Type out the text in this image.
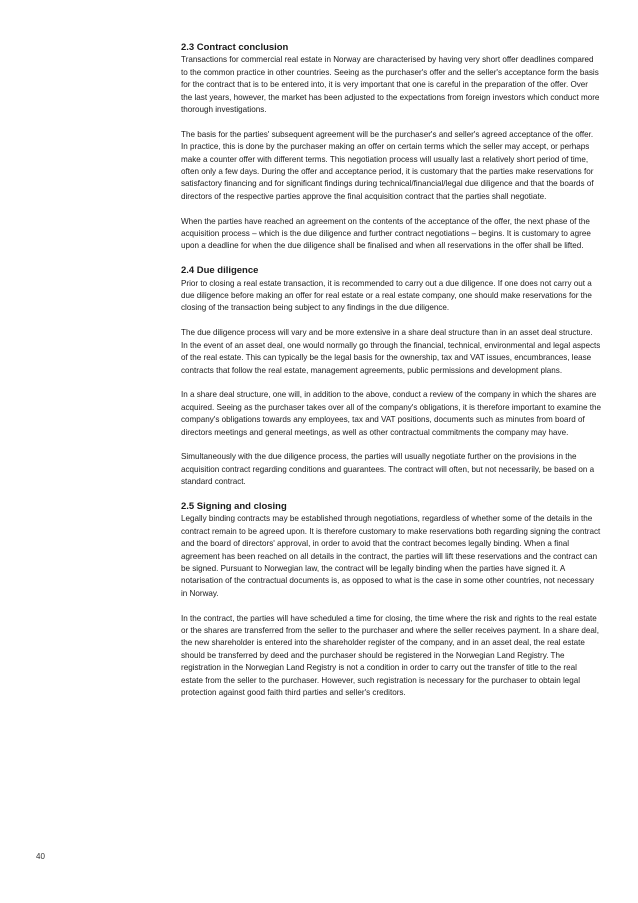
2.3 Contract conclusion

Transactions for commercial real estate in Norway are characterised by having very short offer deadlines compared to the common practice in other countries. Seeing as the purchaser's offer and the seller's acceptance form the basis for the contract that is to be entered into, it is very important that one is careful in the preparation of the offer. Over the last years, however, the market has been adjusted to the expectations from foreign investors which conduct more thorough investigations.

The basis for the parties' subsequent agreement will be the purchaser's and seller's agreed acceptance of the offer. In practice, this is done by the purchaser making an offer on certain terms which the seller may accept, or perhaps make a counter offer with different terms. This negotiation process will usually last a relatively short period of time, often only a few days. During the offer and acceptance period, it is customary that the parties make reservations for satisfactory financing and for significant findings during technical/financial/legal due diligence and that the boards of directors of the respective parties approve the final acquisition contract that the parties shall negotiate.

When the parties have reached an agreement on the contents of the acceptance of the offer, the next phase of the acquisition process – which is the due diligence and further contract negotiations – begins. It is customary to agree upon a deadline for when the due diligence shall be finalised and when all reservations in the offer shall be lifted.

2.4 Due diligence

Prior to closing a real estate transaction, it is recommended to carry out a due diligence. If one does not carry out a due diligence before making an offer for real estate or a real estate company, one should make reservations for the closing of the transaction being subject to any findings in the due diligence.

The due diligence process will vary and be more extensive in a share deal structure than in an asset deal structure. In the event of an asset deal, one would normally go through the financial, technical, environmental and legal aspects of the real estate. This can typically be the legal basis for the ownership, tax and VAT issues, encumbrances, lease contracts that follow the real estate, management agreements, public permissions and development plans.

In a share deal structure, one will, in addition to the above, conduct a review of the company in which the shares are acquired. Seeing as the purchaser takes over all of the company's obligations, it is therefore important to examine the company's obligations towards any employees, tax and VAT positions, documents such as minutes from board of directors meetings and general meetings, as well as other contractual commitments the company may have.

Simultaneously with the due diligence process, the parties will usually negotiate further on the provisions in the acquisition contract regarding conditions and guarantees. The contract will often, but not necessarily, be based on a standard contract.

2.5 Signing and closing

Legally binding contracts may be established through negotiations, regardless of whether some of the details in the contract remain to be agreed upon. It is therefore customary to make reservations both regarding signing the contract and the board of directors' approval, in order to avoid that the contract becomes legally binding. When a final agreement has been reached on all details in the contract, the parties will lift these reservations and the contract can be signed. Pursuant to Norwegian law, the contract will be legally binding when the parties have signed it. A notarisation of the contractual documents is, as opposed to what is the case in some other countries, not necessary in Norway.

In the contract, the parties will have scheduled a time for closing, the time where the risk and rights to the real estate or the shares are transferred from the seller to the purchaser and where the seller receives payment. In a share deal, the new shareholder is entered into the shareholder register of the company, and in an asset deal, the real estate should be transferred by deed and the purchaser should be registered in the Norwegian Land Registry. The registration in the Norwegian Land Registry is not a condition in order to carry out the transfer of title to the real estate from the seller to the purchaser. However, such registration is necessary for the purchaser to obtain legal protection against good faith third parties and seller's creditors.

40
